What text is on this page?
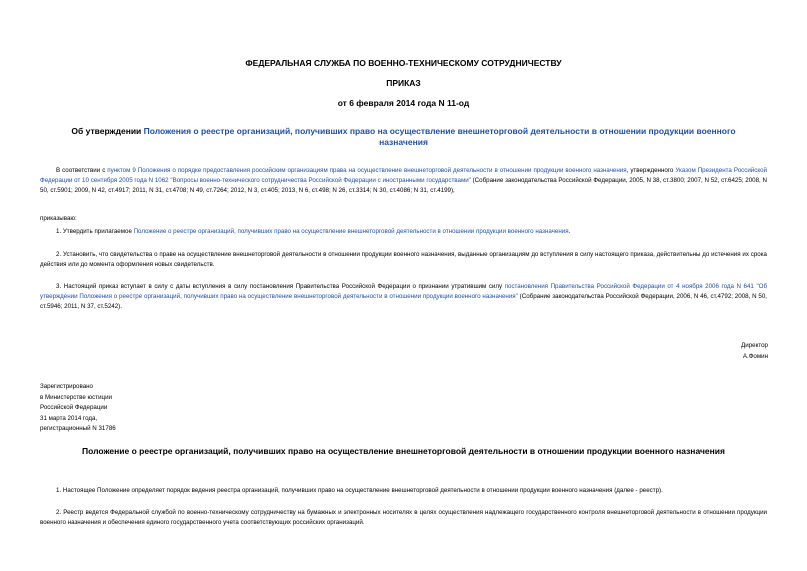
ФЕДЕРАЛЬНАЯ СЛУЖБА ПО ВОЕННО-ТЕХНИЧЕСКОМУ СОТРУДНИЧЕСТВУ
ПРИКАЗ
от 6 февраля 2014 года N 11-од
Об утверждении Положения о реестре организаций, получивших право на осуществление внешнеторговой деятельности в отношении продукции военного назначения
В соответствии с пунктом 9 Положения о порядке предоставления российским организациям права на осуществление внешнеторговой деятельности в отношении продукции военного назначения, утвержденного Указом Президента Российской Федерации от 10 сентября 2005 года N 1062 "Вопросы военно-технического сотрудничества Российской Федерации с иностранными государствами" (Собрание законодательства Российской Федерации, 2005, N 38, ст.3800; 2007, N 52, ст.6425; 2008, N 50, ст.5901; 2009, N 42, ст.4917; 2011, N 31, ст.4708; N 49, ст.7264; 2012, N 3, ст.405; 2013, N 6, ст.498; N 26, ст.3314; N 30, ст.4086; N 31, ст.4199),
приказываю:
1. Утвердить прилагаемое Положение о реестре организаций, получивших право на осуществление внешнеторговой деятельности в отношении продукции военного назначения.
2. Установить, что свидетельства о праве на осуществление внешнеторговой деятельности в отношении продукции военного назначения, выданные организациям до вступления в силу настоящего приказа, действительны до истечения их срока действия или до момента оформления новых свидетельств.
3. Настоящий приказ вступает в силу с даты вступления в силу постановления Правительства Российской Федерации о признании утратившим силу постановления Правительства Российской Федерации от 4 ноября 2006 года N 641 "Об утверждении Положения о реестре организаций, получивших право на осуществление внешнеторговой деятельности в отношении продукции военного назначения" (Собрание законодательства Российской Федерации, 2006, N 46, ст.4792; 2008, N 50, ст.5946; 2011, N 37, ст.5242).
Директор
А.Фомин
Зарегистрировано
в Министерстве юстиции
Российской Федерации
31 марта 2014 года,
регистрационный N 31786
Положение о реестре организаций, получивших право на осуществление внешнеторговой деятельности в отношении продукции военного назначения
1. Настоящее Положение определяет порядок ведения реестра организаций, получивших право на осуществление внешнеторговой деятельности в отношении продукции военного назначения (далее - реестр).
2. Реестр ведется Федеральной службой по военно-техническому сотрудничеству на бумажных и электронных носителях в целях осуществления надлежащего государственного контроля внешнеторговой деятельности в отношении продукции военного назначения и обеспечения единого государственного учета соответствующих российских организаций.
